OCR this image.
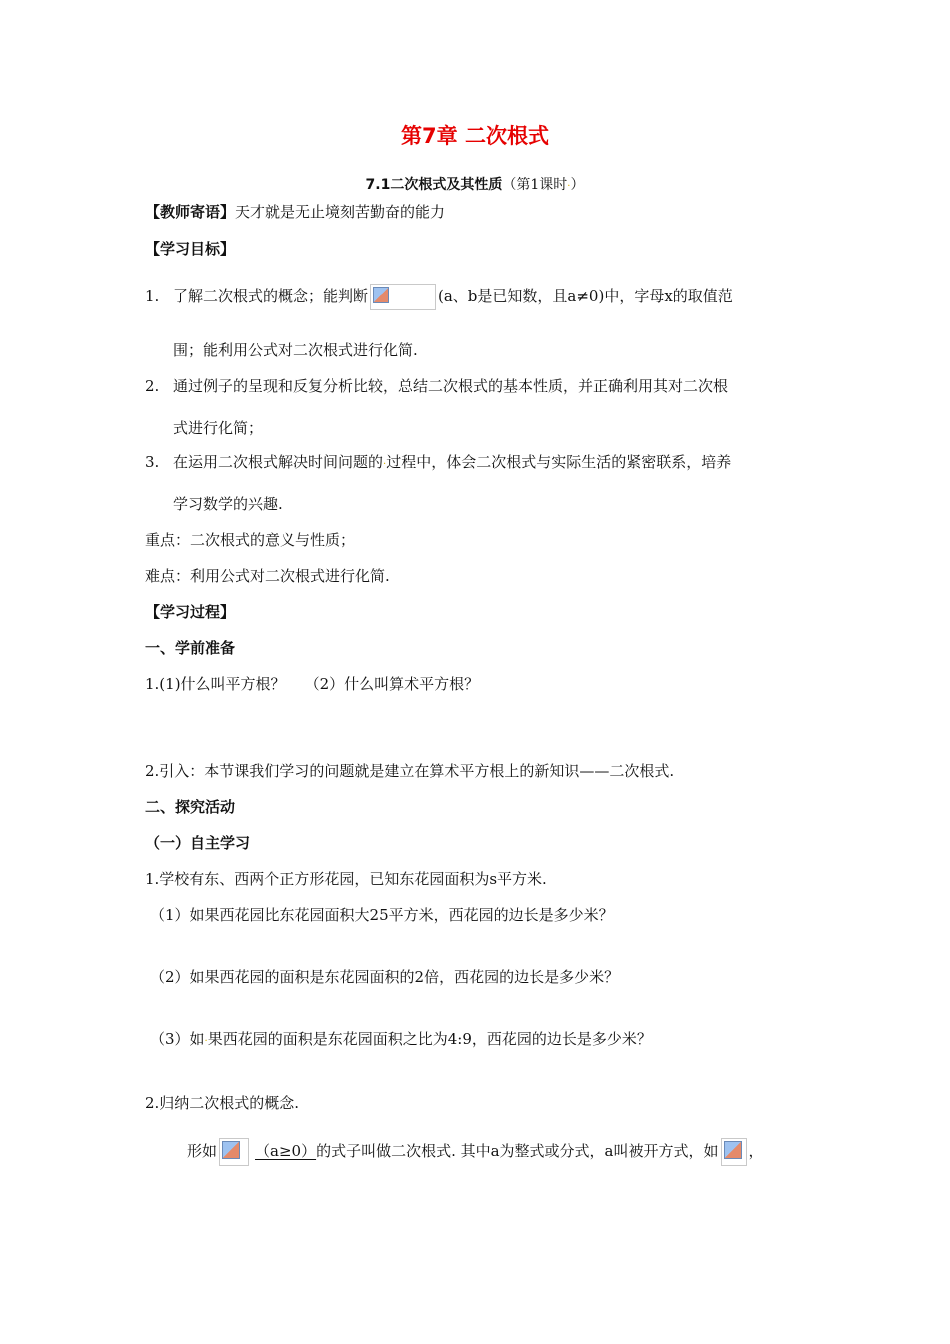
第7章 二次根式
7.1二次根式及其性质（第1课时·）
【教师寄语】天才就是无止境刻苦勤奋的能力
【学习目标】
1. 了解二次根式的概念；能判断	(a、b是已知数，且a≠0)中，字母x的取值范
围；能利用公式对二次根式进行化简.
2. 通过例子的呈现和反复分析比较，总结二次根式的基本性质，并正确利用其对二次根
式进行化简；
3. 在运用二次根式解决时间问题的·过程中，体会二次根式与实际生活的紧密联系，培养
学习数学的兴趣.
重点：二次根式的意义与性质；
难点：利用公式对二次根式进行化简.
【学习过程】
一、学前准备
1.(1)什么叫平方根？    （2）什么叫算术平方根？
2.引入：本节课我们学习的问题就是建立在算术平方根上的新知识——二次根式.
二、探究活动
（一）自主学习
1.学校有东、西两个正方形花园，已知东花园面积为s平方米.
（1）如果西花园比东花园面积大25平方米，西花园的边长是多少米？
（2）如果西花园的面积是东花园面积的2倍，西花园的边长是多少米？
（3）如·果西花园的面积是东花园面积之比为4:9，西花园的边长是多少米？
2.归纳二次根式的概念.
形如	（a≥0）的式子叫做二次根式. 其中a为整式或分式，a叫被开方式，如 ，
